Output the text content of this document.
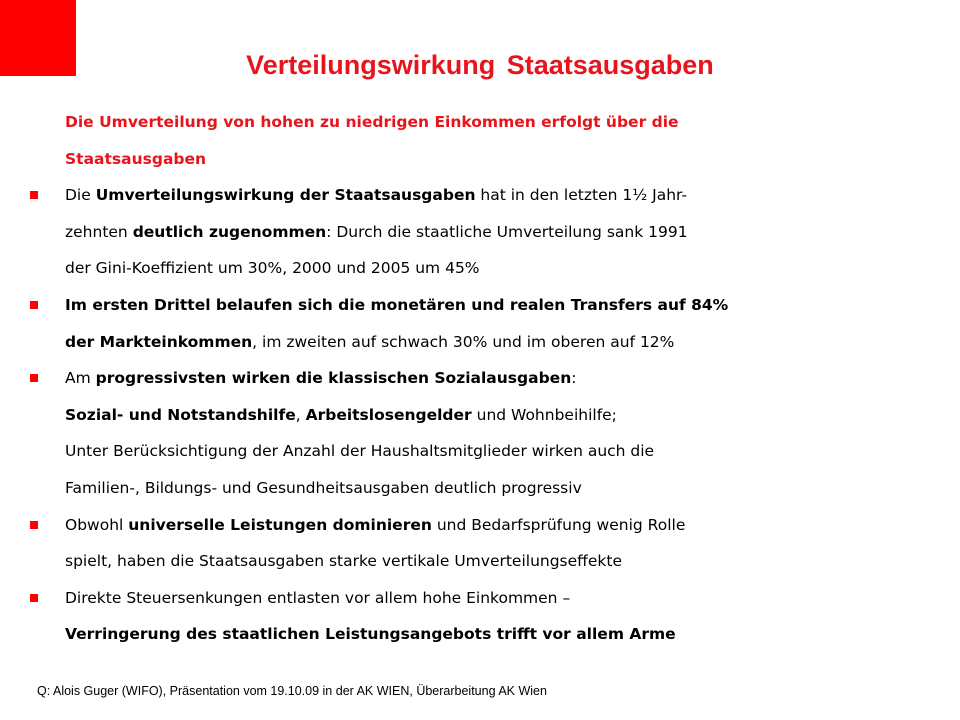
Verteilungswirkung Staatsausgaben
Die Umverteilung von hohen zu niedrigen Einkommen erfolgt über die
Staatsausgaben
Die Umverteilungswirkung der Staatsausgaben hat in den letzten 1½ Jahr-
zehnten deutlich zugenommen: Durch die staatliche Umverteilung sank 1991
der Gini-Koeffizient um 30%, 2000 und 2005 um 45%
Im ersten Drittel belaufen sich die monetären und realen Transfers auf 84%
der Markteinkommen, im zweiten auf schwach 30% und im oberen auf 12%
Am progressivsten wirken die klassischen Sozialausgaben:
Sozial- und Notstandshilfe, Arbeitslosengelder und Wohnbeihilfe;
Unter Berücksichtigung der Anzahl der Haushaltsmitglieder wirken auch die
Familien-, Bildungs- und Gesundheitsausgaben deutlich progressiv
Obwohl universelle Leistungen dominieren und Bedarfsprüfung wenig Rolle
spielt, haben die Staatsausgaben starke vertikale Umverteilungseffekte
Direkte Steuersenkungen entlasten vor allem hohe Einkommen –
Verringerung des staatlichen Leistungsangebots trifft vor allem Arme
Q: Alois Guger (WIFO), Präsentation vom 19.10.09 in der AK WIEN, Überarbeitung AK Wien
